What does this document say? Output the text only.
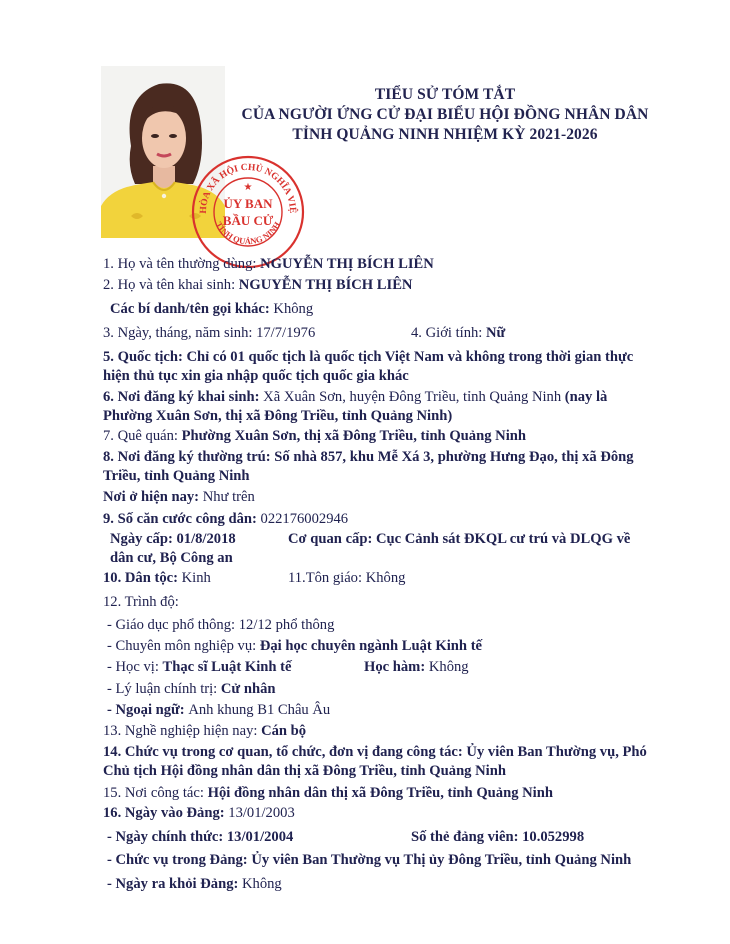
HÒA XÃ HỘI CHỦ NGHĨA VIỆ
TỈNH QUẢNG NINH
ỦY BAN
BẦU CỬ
★
TIỂU SỬ TÓM TẮT
CỦA NGƯỜI ỨNG CỬ ĐẠI BIỂU HỘI ĐỒNG NHÂN DÂN
TỈNH QUẢNG NINH NHIỆM KỲ 2021-2026
1. Họ và tên thường dùng: NGUYỄN THỊ BÍCH LIÊN
2. Họ và tên khai sinh: NGUYỄN THỊ BÍCH LIÊN
Các bí danh/tên gọi khác: Không
3. Ngày, tháng, năm sinh: 17/7/1976	4. Giới tính: Nữ
5. Quốc tịch: Chỉ có 01 quốc tịch là quốc tịch Việt Nam và không trong thời gian thực hiện thủ tục xin gia nhập quốc tịch quốc gia khác
6. Nơi đăng ký khai sinh: Xã Xuân Sơn, huyện Đông Triều, tỉnh Quảng Ninh (nay là Phường Xuân Sơn, thị xã Đông Triều, tỉnh Quảng Ninh)
7. Quê quán: Phường Xuân Sơn, thị xã Đông Triều, tỉnh Quảng Ninh
8. Nơi đăng ký thường trú: Số nhà 857, khu Mễ Xá 3, phường Hưng Đạo, thị xã Đông Triều, tỉnh Quảng Ninh
Nơi ở hiện nay: Như trên
9. Số căn cước công dân: 022176002946
Ngày cấp: 01/8/2018	Cơ quan cấp: Cục Cảnh sát ĐKQL cư trú và DLQG về
dân cư, Bộ Công an
10. Dân tộc: Kinh	11.Tôn giáo: Không
12. Trình độ:
- Giáo dục phổ thông: 12/12 phổ thông
- Chuyên môn nghiệp vụ: Đại học chuyên ngành Luật Kinh tế
- Học vị: Thạc sĩ Luật Kinh tế	Học hàm: Không
- Lý luận chính trị: Cử nhân
- Ngoại ngữ: Anh khung B1 Châu Âu
13. Nghề nghiệp hiện nay: Cán bộ
14. Chức vụ trong cơ quan, tổ chức, đơn vị đang công tác: Ủy viên Ban Thường vụ, Phó Chủ tịch Hội đồng nhân dân thị xã Đông Triều, tỉnh Quảng Ninh
15. Nơi công tác: Hội đồng nhân dân thị xã Đông Triều, tỉnh Quảng Ninh
16. Ngày vào Đảng: 13/01/2003
- Ngày chính thức: 13/01/2004	Số thẻ đảng viên: 10.052998
- Chức vụ trong Đảng: Ủy viên Ban Thường vụ Thị ủy Đông Triều, tỉnh Quảng Ninh
- Ngày ra khỏi Đảng: Không
